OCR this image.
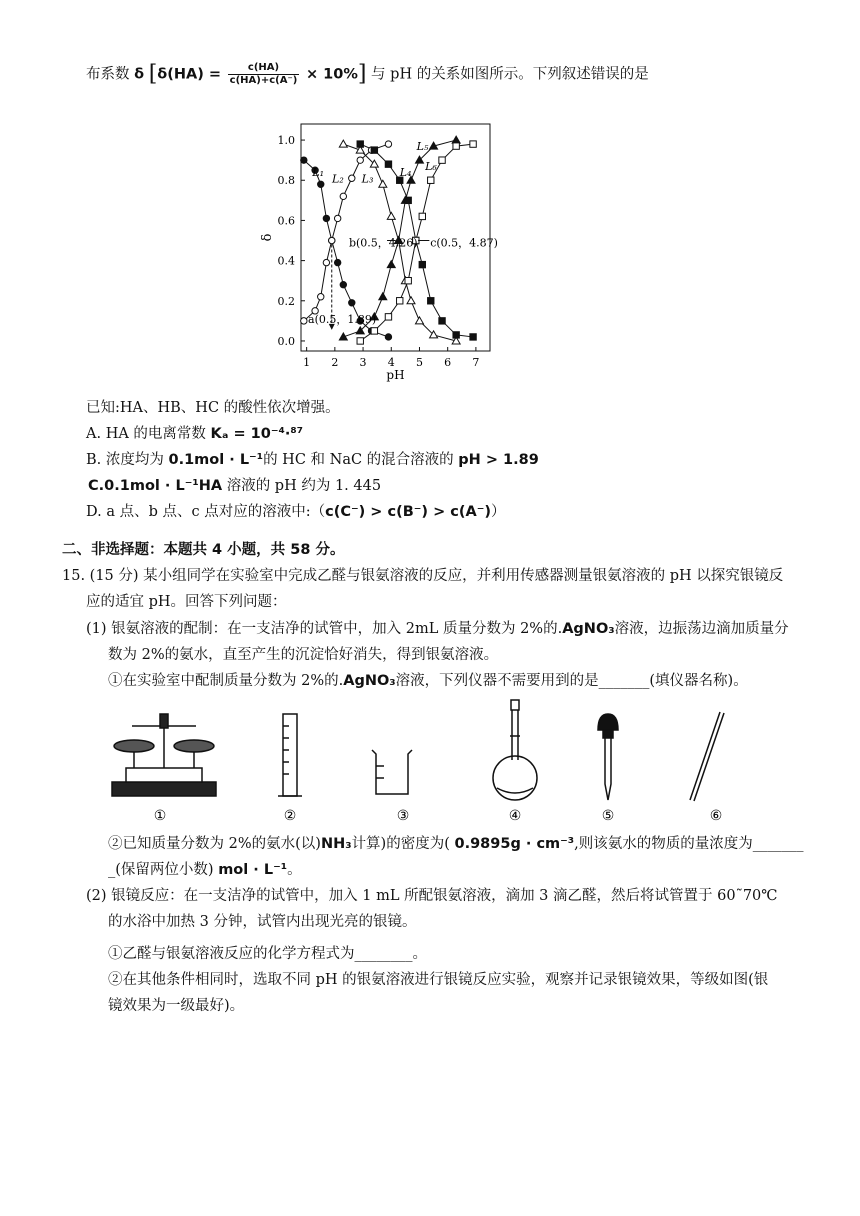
布系数 δ $[\delta(HA) = \frac{c(HA)}{c(HA)+c(A^-)} \times 10\%]$ 与 pH 的关系如图所示。下列叙述错误的是
1 2 3 4 5 6 7
0.0
0.2
0.4
0.6
0.8
1.0
pH
δ
L₁ L₂ L₃ L₄
L₅
L₆
a(0.5，1.89)
b(0.5，4.26) c(0.5，4.87)
已知:HA、HB、HC 的酸性依次增强。
A. HA 的电离常数 Kₐ = 10⁻⁴·⁸⁷
B. 浓度均为 0.1mol · L⁻¹的 HC 和 NaC 的混合溶液的 pH > 1.89
C.0.1mol · L⁻¹HA 溶液的 pH 约为 1. 445
D. a 点、b 点、c 点对应的溶液中:（c(C⁻) > c(B⁻) > c(A⁻)）
二、非选择题：本题共 4 小题，共 58 分。
15. (15 分) 某小组同学在实验室中完成乙醛与银氨溶液的反应，并利用传感器测量银氨溶液的 pH 以探究银镜反
应的适宜 pH。回答下列问题：
(1) 银氨溶液的配制：在一支洁净的试管中，加入 2mL 质量分数为 2%的.AgNO₃溶液，边振荡边滴加质量分
数为 2%的氨水，直至产生的沉淀恰好消失，得到银氨溶液。
①在实验室中配制质量分数为 2%的.AgNO₃溶液，下列仪器不需要用到的是_______(填仪器名称)。
①	②	③	④	⑤	⑥
②已知质量分数为 2%的氨水(以)NH₃计算)的密度为( 0.9895g · cm⁻³,则该氨水的物质的量浓度为_______
_(保留两位小数) mol · L⁻¹。
(2) 银镜反应：在一支洁净的试管中，加入 1 mL 所配银氨溶液，滴加 3 滴乙醛，然后将试管置于 60˜70℃
的水浴中加热 3 分钟，试管内出现光亮的银镜。
①乙醛与银氨溶液反应的化学方程式为________。
②在其他条件相同时，选取不同 pH 的银氨溶液进行银镜反应实验，观察并记录银镜效果，等级如图(银
镜效果为一级最好)。
